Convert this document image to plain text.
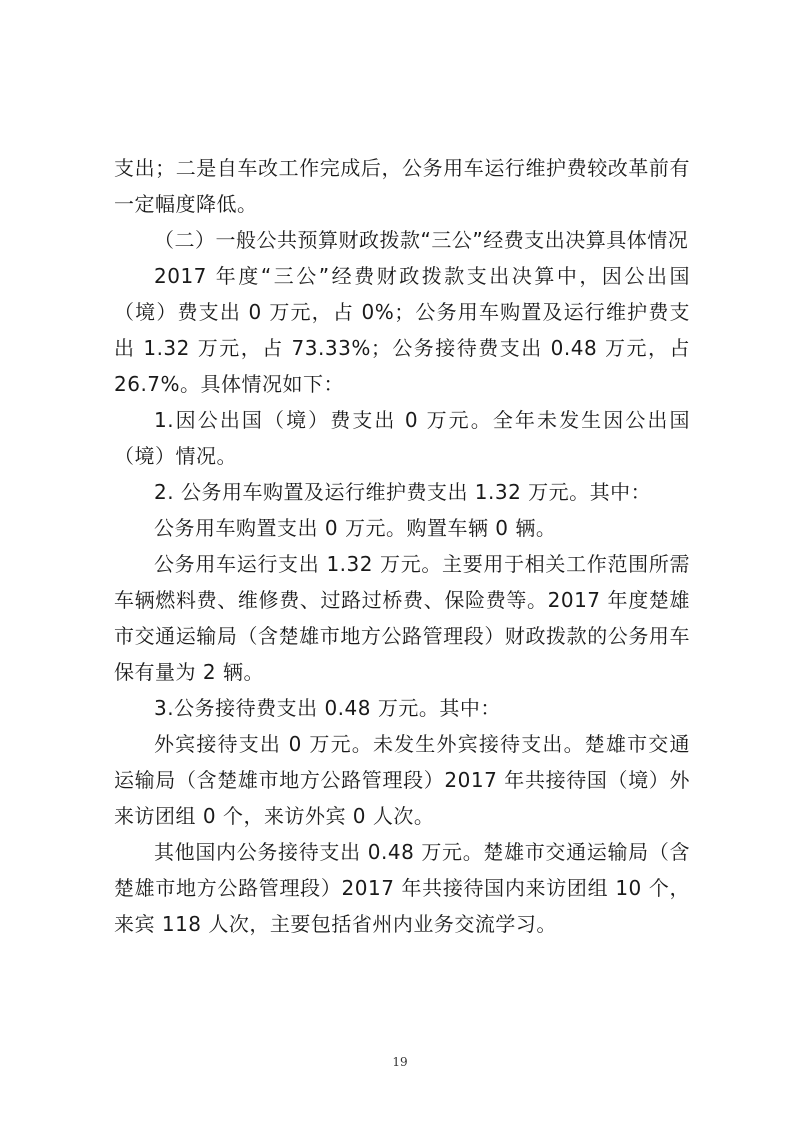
支出；二是自车改工作完成后，公务用车运行维护费较改革前有一定幅度降低。

（二）一般公共预算财政拨款“三公”经费支出决算具体情况

2017 年度“三公”经费财政拨款支出决算中，因公出国（境）费支出 0 万元，占 0%；公务用车购置及运行维护费支出 1.32 万元，占 73.33%；公务接待费支出 0.48 万元，占 26.7%。具体情况如下：

1.因公出国（境）费支出 0 万元。全年未发生因公出国（境）情况。

2. 公务用车购置及运行维护费支出 1.32 万元。其中：

公务用车购置支出 0 万元。购置车辆 0 辆。

公务用车运行支出 1.32 万元。主要用于相关工作范围所需车辆燃料费、维修费、过路过桥费、保险费等。2017 年度楚雄市交通运输局（含楚雄市地方公路管理段）财政拨款的公务用车保有量为 2 辆。

3.公务接待费支出 0.48 万元。其中：

外宾接待支出 0 万元。未发生外宾接待支出。楚雄市交通运输局（含楚雄市地方公路管理段）2017 年共接待国（境）外来访团组 0 个，来访外宾 0 人次。

其他国内公务接待支出 0.48 万元。楚雄市交通运输局（含楚雄市地方公路管理段）2017 年共接待国内来访团组 10 个，来宾 118 人次，主要包括省州内业务交流学习。

19
